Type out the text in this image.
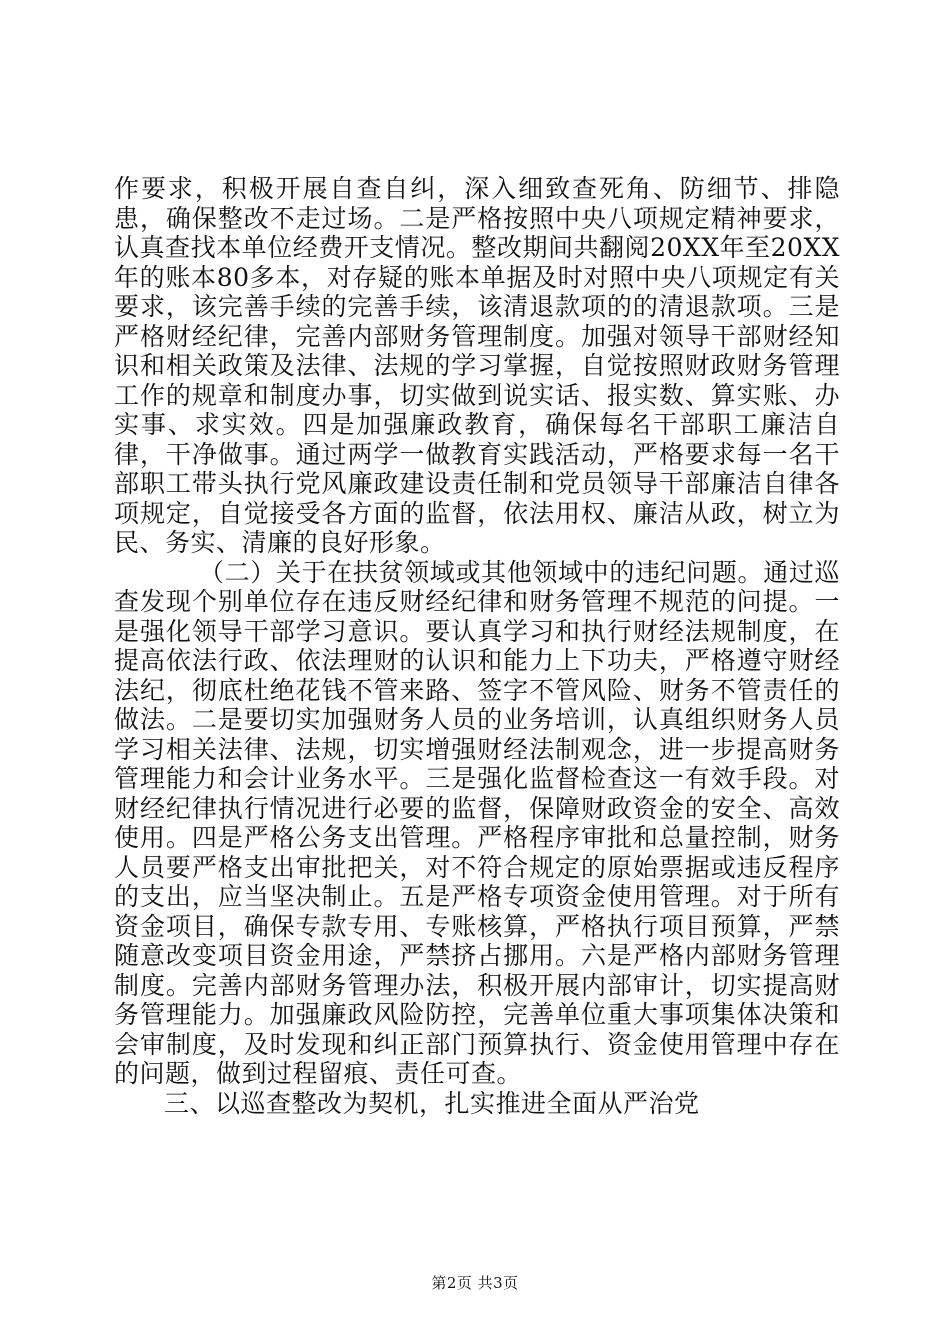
作要求，积极开展自查自纠，深入细致查死角、防细节、排隐患，确保整改不走过场。二是严格按照中央八项规定精神要求，认真查找本单位经费开支情况。整改期间共翻阅20XX年至20XX年的账本80多本，对存疑的账本单据及时对照中央八项规定有关要求，该完善手续的完善手续，该清退款项的的清退款项。三是严格财经纪律，完善内部财务管理制度。加强对领导干部财经知识和相关政策及法律、法规的学习掌握，自觉按照财政财务管理工作的规章和制度办事，切实做到说实话、报实数、算实账、办实事、求实效。四是加强廉政教育，确保每名干部职工廉洁自律，干净做事。通过两学一做教育实践活动，严格要求每一名干部职工带头执行党风廉政建设责任制和党员领导干部廉洁自律各项规定，自觉接受各方面的监督，依法用权、廉洁从政，树立为民、务实、清廉的良好形象。

（二）关于在扶贫领域或其他领域中的违纪问题。通过巡查发现个别单位存在违反财经纪律和财务管理不规范的问提。一是强化领导干部学习意识。要认真学习和执行财经法规制度，在提高依法行政、依法理财的认识和能力上下功夫，严格遵守财经法纪，彻底杜绝花钱不管来路、签字不管风险、财务不管责任的做法。二是要切实加强财务人员的业务培训，认真组织财务人员学习相关法律、法规，切实增强财经法制观念，进一步提高财务管理能力和会计业务水平。三是强化监督检查这一有效手段。对财经纪律执行情况进行必要的监督，保障财政资金的安全、高效使用。四是严格公务支出管理。严格程序审批和总量控制，财务人员要严格支出审批把关，对不符合规定的原始票据或违反程序的支出，应当坚决制止。五是严格专项资金使用管理。对于所有资金项目，确保专款专用、专账核算，严格执行项目预算，严禁随意改变项目资金用途，严禁挤占挪用。六是严格内部财务管理制度。完善内部财务管理办法，积极开展内部审计，切实提高财务管理能力。加强廉政风险防控，完善单位重大事项集体决策和会审制度，及时发现和纠正部门预算执行、资金使用管理中存在的问题，做到过程留痕、责任可查。

三、以巡查整改为契机，扎实推进全面从严治党

第2页 共3页
